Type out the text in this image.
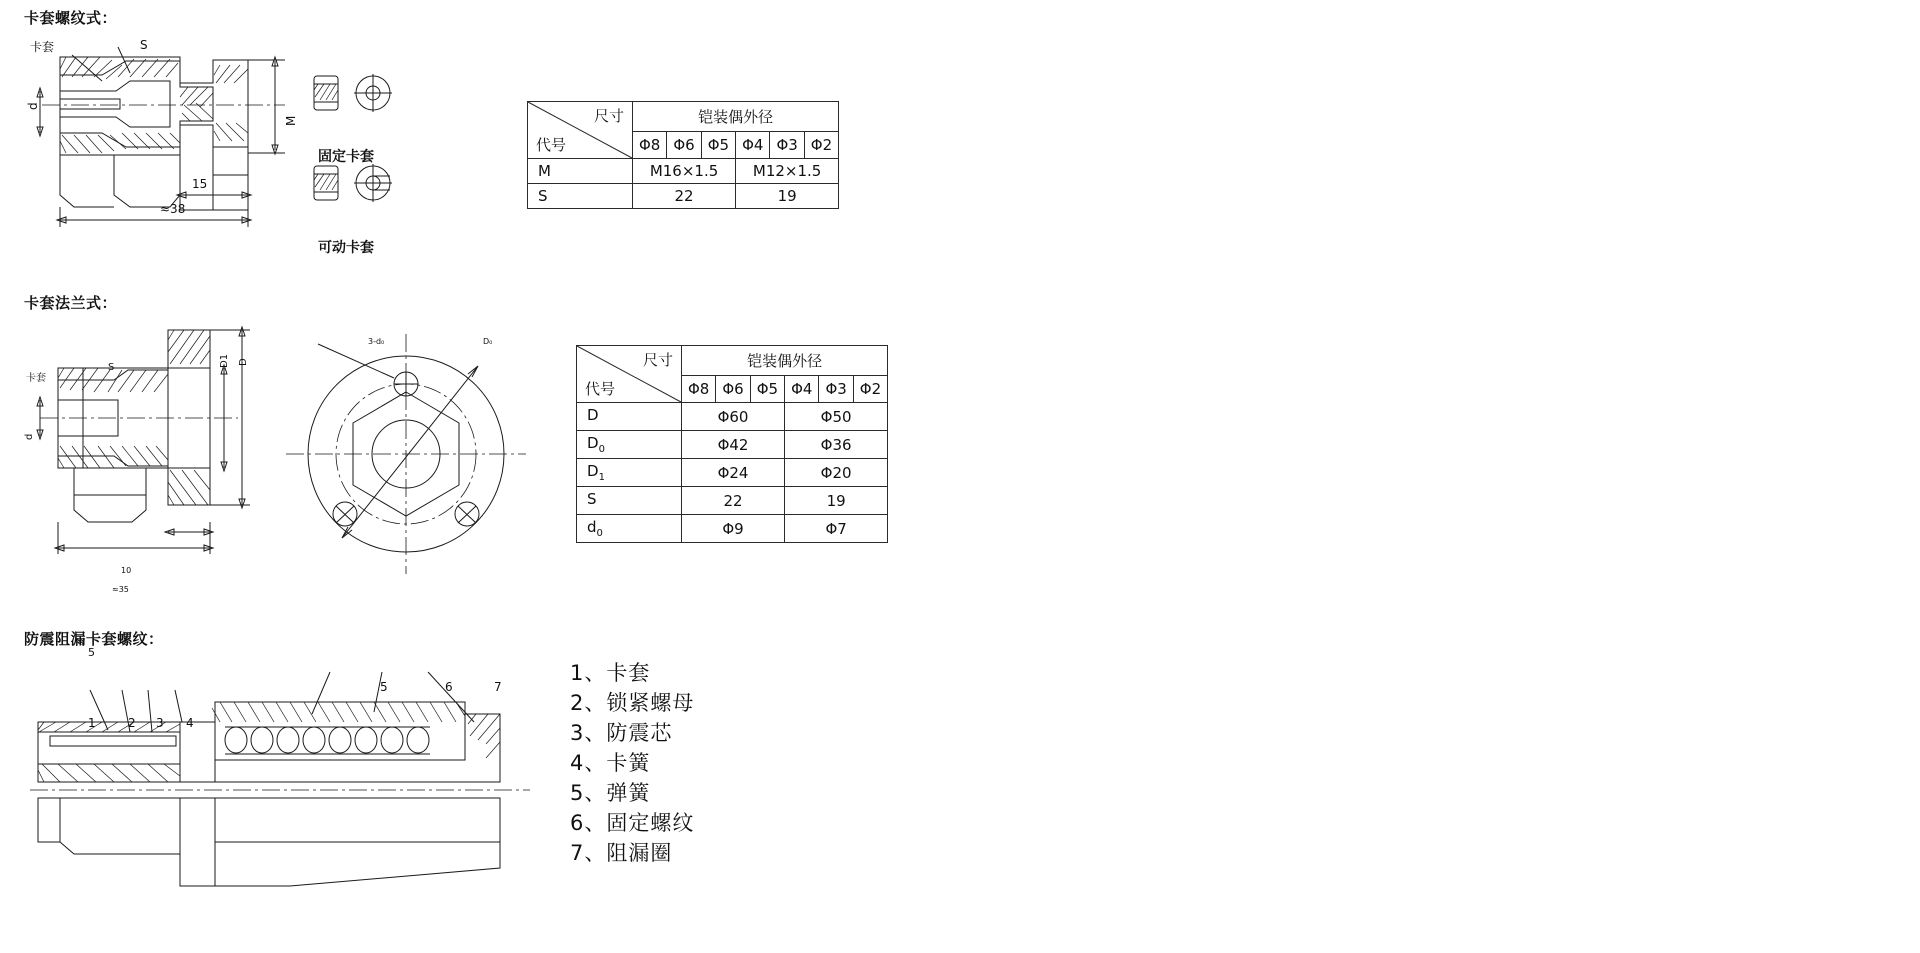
卡套螺纹式：
卡套	S
d
M
15
≈38
固定卡套
可动卡套
尺寸
代号	铠装偶外径					
	Φ8	Φ6	Φ5	Φ4	Φ3	Φ2
M	M16×1.5			M12×1.5		
S	22			19		
卡套法兰式：
卡套
S
d
D1 D
10
≈35
3-d₀	D₀
尺寸
代号	铠装偶外径					
	Φ8	Φ6	Φ5	Φ4	Φ3	Φ2
D	Φ60			Φ50		
$D_0$	Φ42			Φ36		
$D_1$	Φ24			Φ20		
S	22			19		
$d_0$	Φ9			Φ7		
防震阻漏卡套螺纹：
5
5	6	7
1	2 3 4
1、卡套
2、锁紧螺母
3、防震芯
4、卡簧
5、弹簧
6、固定螺纹
7、阻漏圈
